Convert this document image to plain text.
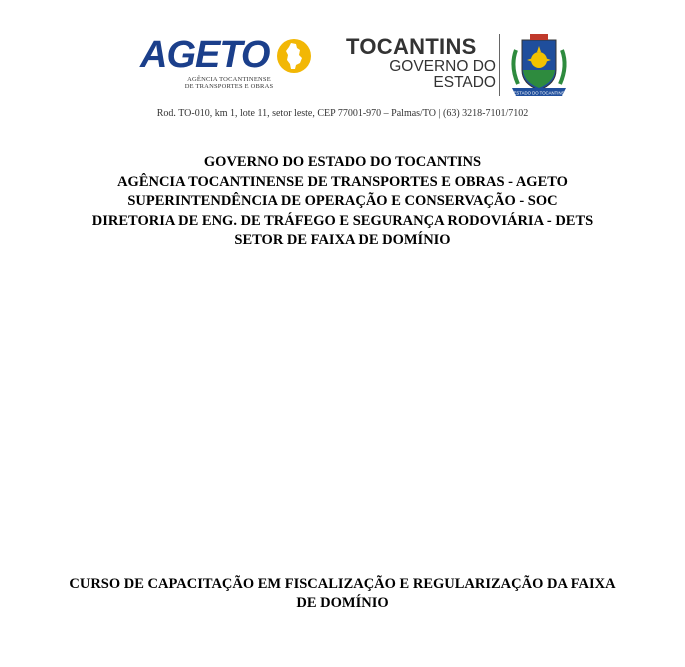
AGETO
AGÊNCIA TOCANTINENSE
DE TRANSPORTES E OBRAS
TOCANTINS
GOVERNO DO
ESTADO
ESTADO DO TOCANTINS
Rod. TO-010, km 1, lote 11, setor leste, CEP 77001-970 – Palmas/TO | (63) 3218-7101/7102
GOVERNO DO ESTADO DO TOCANTINS
AGÊNCIA TOCANTINENSE DE TRANSPORTES E OBRAS - AGETO
SUPERINTENDÊNCIA DE OPERAÇÃO E CONSERVAÇÃO - SOC
DIRETORIA DE ENG. DE TRÁFEGO E SEGURANÇA RODOVIÁRIA - DETS
SETOR DE FAIXA DE DOMÍNIO
CURSO DE CAPACITAÇÃO EM FISCALIZAÇÃO E REGULARIZAÇÃO DA FAIXA
DE DOMÍNIO
